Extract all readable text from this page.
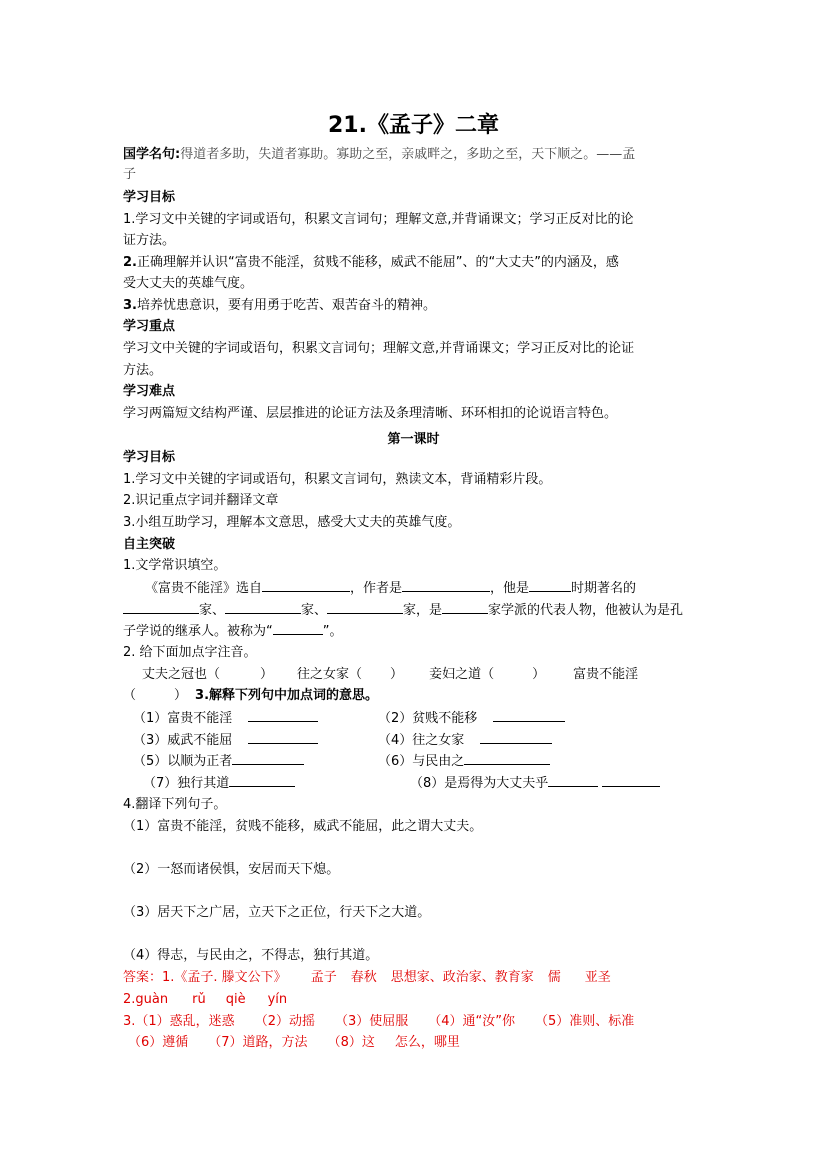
21.《孟子》二章
国学名句:得道者多助，失道者寡助。寡助之至，亲戚畔之，多助之至，天下顺之。——孟
子
学习目标
1.学习文中关键的字词或语句，积累文言词句；理解文意,并背诵课文；学习正反对比的论
证方法。
2.正确理解并认识“富贵不能淫，贫贱不能移，威武不能屈”、的“大丈夫”的内涵及，感
受大丈夫的英雄气度。
3.培养忧患意识，要有用勇于吃苦、艰苦奋斗的精神。
学习重点
学习文中关键的字词或语句，积累文言词句；理解文意,并背诵课文；学习正反对比的论证
方法。
学习难点
学习两篇短文结构严谨、层层推进的论证方法及条理清晰、环环相扣的论说语言特色。
第一课时
学习目标
1.学习文中关键的字词或语句，积累文言词句，熟读文本，背诵精彩片段。
2.识记重点字词并翻译文章
3.小组互助学习，理解本文意思，感受大丈夫的英雄气度。
自主突破
1.文学常识填空。
《富贵不能淫》选自	，作者是	，他是	时期著名的
家、	家、	家，是	家学派的代表人物，他被认为是孔
子学说的继承人。被称为“	”。
2. 给下面加点字注音。
丈夫之冠也（	） 往之女家（ ） 妾妇之道（	） 富贵不能淫
（	） 3.解释下列句中加点词的意思。
（1）富贵不能淫	（2）贫贱不能移
（3）威武不能屈	（4）往之女家
（5）以顺为正者	（6）与民由之
（7）独行其道	（8）是焉得为大丈夫乎
4.翻译下列句子。
（1）富贵不能淫，贫贱不能移，威武不能屈，此之谓大丈夫。
（2）一怒而诸侯惧，安居而天下熄。
（3）居天下之广居，立天下之正位，行天下之大道。
（4）得志，与民由之，不得志，独行其道。
答案：1.《孟子. 滕文公下》 孟子 春秋 思想家、政治家、教育家 儒 亚圣
2.guàn rǔ qiè yín
3.（1）惑乱，迷惑 （2）动摇 （3）使屈服 （4）通“汝”你 （5）准则、标准
（6）遵循 （7）道路，方法 （8）这 怎么，哪里
